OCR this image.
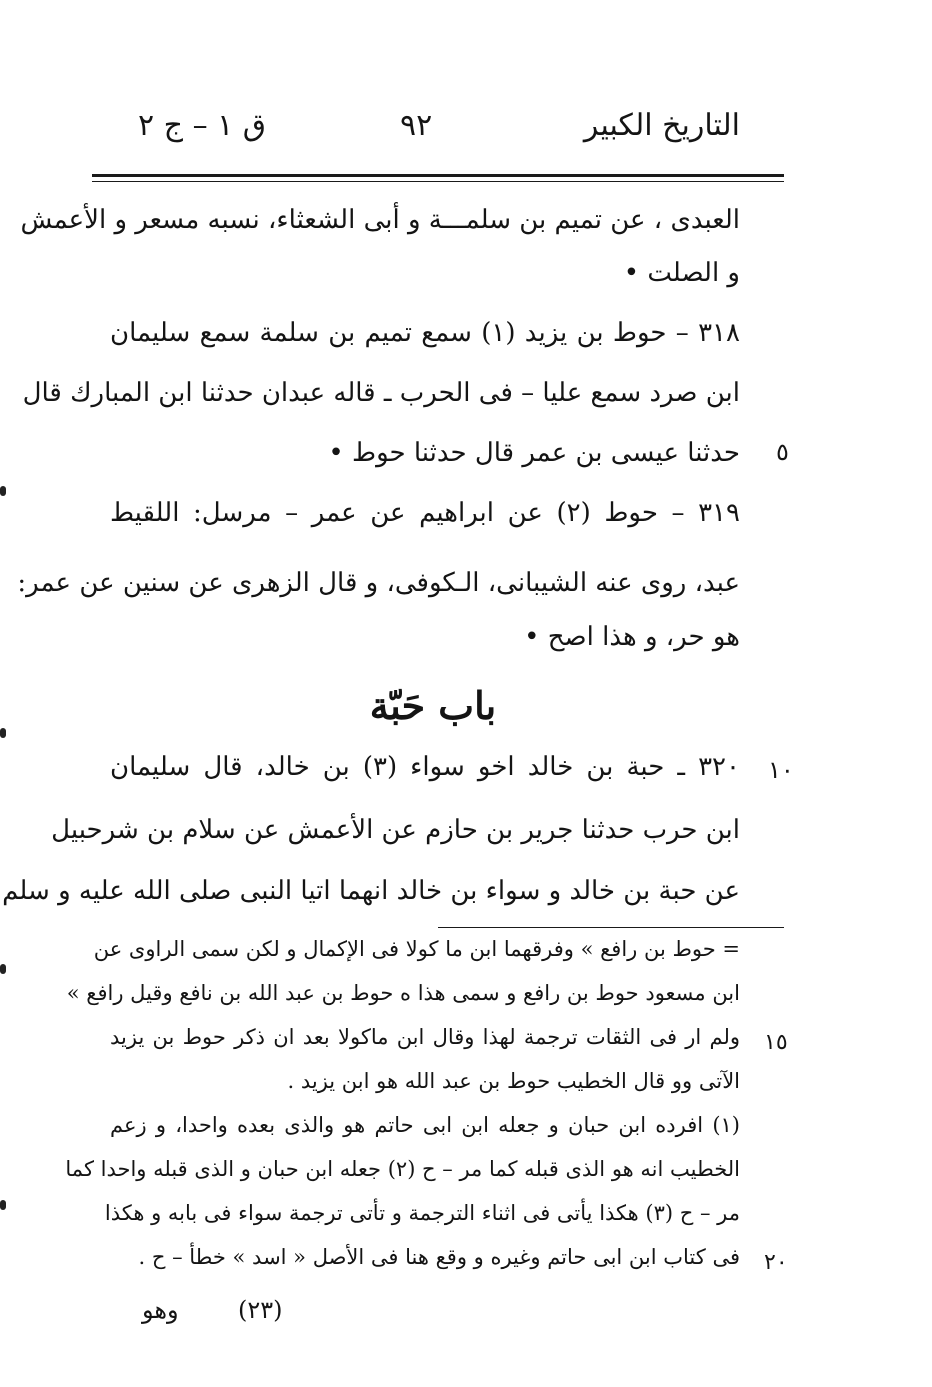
التاريخ الكبير
٩٢
ق ١ – ج ٢
العبدى ، عن تميم بن سلمـــة و أبى الشعثاء، نسبه مسعر و الأعمش
و الصلت •
٣١٨ – حوط بن يزيد (١) سمع تميم بن سلمة سمع سليمان
ابن صرد سمع عليا – فى الحرب ـ قاله عبدان حدثنا ابن المبارك قال
حدثنا عيسى بن عمر قال حدثنا حوط • ٥
٣١٩ – حوط (٢) عن ابراهيم عن عمر – مرسل: اللقيط
عبد، روى عنه الشيبانى، الـكوفى، و قال الزهرى عن سنين عن عمر:
هو حر، و هذا اصح •
باب حَبّة
٣٢٠ ـ حبة بن خالد اخو سواء (٣) بن خالد، قال سليمان ١٠
ابن حرب حدثنا جرير بن حازم عن الأعمش عن سلام بن شرحبيل
عن حبة بن خالد و سواء بن خالد انهما اتيا النبى صلى الله عليه و سلم
= حوط بن رافع » وفرقهما ابن ما كولا فى الإكمال و لكن سمى الراوى عن
ابن مسعود حوط بن رافع و سمى هذا ه حوط بن عبد الله بن نافع وقيل رافع »
ولم ار فى الثقات ترجمة لهذا وقال ابن ماكولا بعد ان ذكر حوط بن يزيد ١٥
الآتى وو قال الخطيب حوط بن عبد الله هو ابن يزيد .
(١) افرده ابن حبان و جعله ابن ابى حاتم هو والذى بعده واحدا، و زعم
الخطيب انه هو الذى قبله كما مر – ح (٢) جعله ابن حبان و الذى قبله واحدا كما
مر – ح (٣) هكذا يأتى فى اثناء الترجمة و تأتى ترجمة سواء فى بابه و هكذا
فى كتاب ابن ابى حاتم وغيره و وقع هنا فى الأصل « اسد » خطأ – ح . ٢٠
(٢٣)
وهو
